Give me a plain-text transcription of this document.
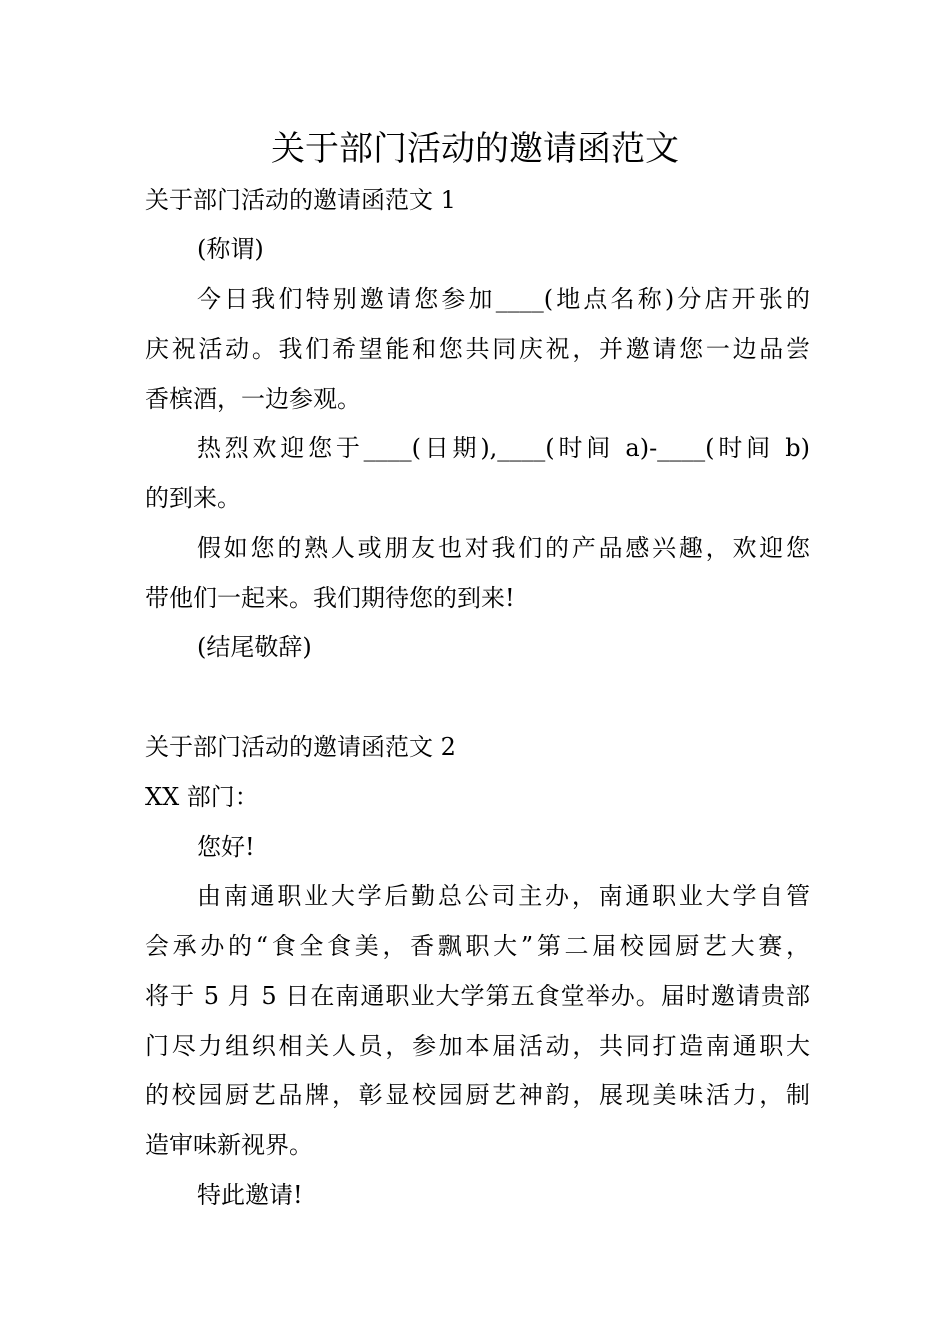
关于部门活动的邀请函范文

关于部门活动的邀请函范文 1

(称谓)

今日我们特别邀请您参加____(地点名称)分店开张的

庆祝活动。我们希望能和您共同庆祝，并邀请您一边品尝

香槟酒，一边参观。

热烈欢迎您于____(日期),____(时间 a)-____(时间 b)

的到来。

假如您的熟人或朋友也对我们的产品感兴趣，欢迎您

带他们一起来。我们期待您的到来!

(结尾敬辞)

关于部门活动的邀请函范文 2

XX 部门：

您好!

由南通职业大学后勤总公司主办，南通职业大学自管

会承办的“食全食美，香飘职大”第二届校园厨艺大赛，

将于 5 月 5 日在南通职业大学第五食堂举办。届时邀请贵部

门尽力组织相关人员，参加本届活动，共同打造南通职大

的校园厨艺品牌，彰显校园厨艺神韵，展现美味活力，制

造审味新视界。

特此邀请!
